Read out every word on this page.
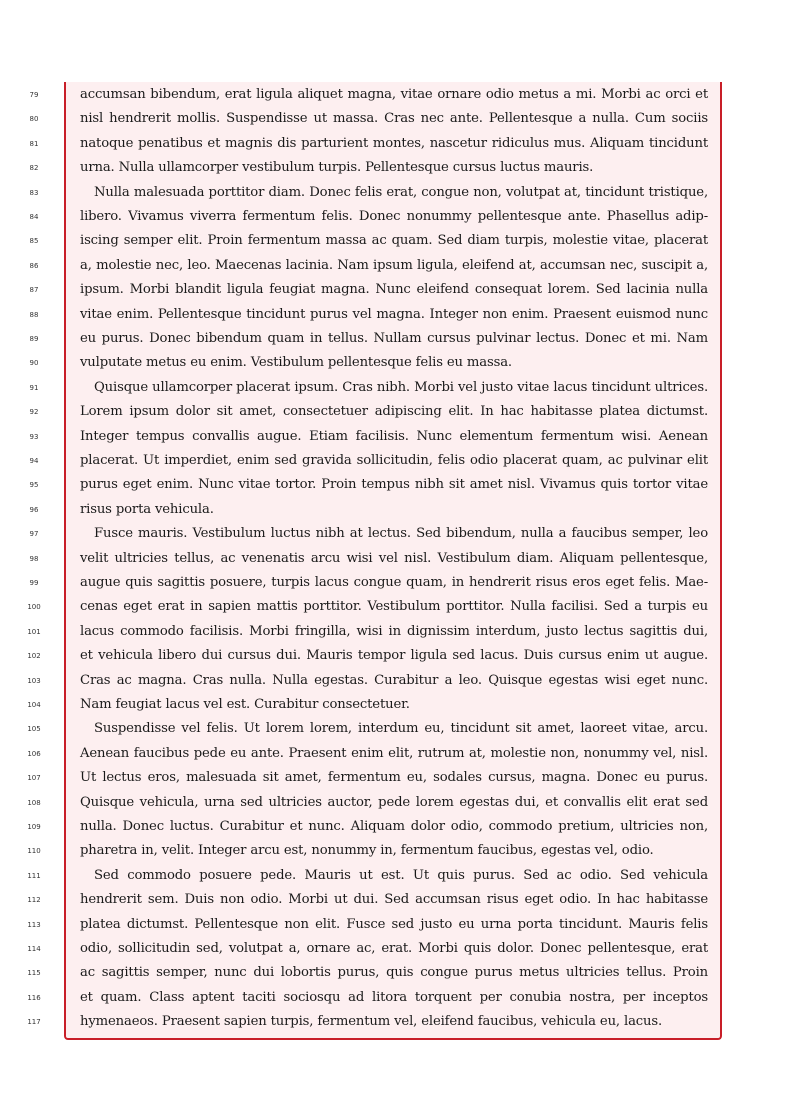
79	accumsan bibendum, erat ligula aliquet magna, vitae ornare odio metus a mi. Morbi ac orci et
80	nisl hendrerit mollis. Suspendisse ut massa. Cras nec ante. Pellentesque a nulla. Cum sociis
81	natoque penatibus et magnis dis parturient montes, nascetur ridiculus mus. Aliquam tincidunt
82	urna. Nulla ullamcorper vestibulum turpis. Pellentesque cursus luctus mauris.
83	Nulla malesuada porttitor diam. Donec felis erat, congue non, volutpat at, tincidunt tristique,
84	libero. Vivamus viverra fermentum felis. Donec nonummy pellentesque ante. Phasellus adip-
85	iscing semper elit. Proin fermentum massa ac quam. Sed diam turpis, molestie vitae, placerat
86	a, molestie nec, leo. Maecenas lacinia. Nam ipsum ligula, eleifend at, accumsan nec, suscipit a,
87	ipsum. Morbi blandit ligula feugiat magna. Nunc eleifend consequat lorem. Sed lacinia nulla
88	vitae enim. Pellentesque tincidunt purus vel magna. Integer non enim. Praesent euismod nunc
89	eu purus. Donec bibendum quam in tellus. Nullam cursus pulvinar lectus. Donec et mi. Nam
90	vulputate metus eu enim. Vestibulum pellentesque felis eu massa.
91	Quisque ullamcorper placerat ipsum. Cras nibh. Morbi vel justo vitae lacus tincidunt ultrices.
92	Lorem ipsum dolor sit amet, consectetuer adipiscing elit. In hac habitasse platea dictumst.
93	Integer tempus convallis augue. Etiam facilisis. Nunc elementum fermentum wisi. Aenean
94	placerat. Ut imperdiet, enim sed gravida sollicitudin, felis odio placerat quam, ac pulvinar elit
95	purus eget enim. Nunc vitae tortor. Proin tempus nibh sit amet nisl. Vivamus quis tortor vitae
96	risus porta vehicula.
97	Fusce mauris. Vestibulum luctus nibh at lectus. Sed bibendum, nulla a faucibus semper, leo
98	velit ultricies tellus, ac venenatis arcu wisi vel nisl. Vestibulum diam. Aliquam pellentesque,
99	augue quis sagittis posuere, turpis lacus congue quam, in hendrerit risus eros eget felis. Mae-
100	cenas eget erat in sapien mattis porttitor. Vestibulum porttitor. Nulla facilisi. Sed a turpis eu
101	lacus commodo facilisis. Morbi fringilla, wisi in dignissim interdum, justo lectus sagittis dui,
102	et vehicula libero dui cursus dui. Mauris tempor ligula sed lacus. Duis cursus enim ut augue.
103	Cras ac magna. Cras nulla. Nulla egestas. Curabitur a leo. Quisque egestas wisi eget nunc.
104	Nam feugiat lacus vel est. Curabitur consectetuer.
105	Suspendisse vel felis. Ut lorem lorem, interdum eu, tincidunt sit amet, laoreet vitae, arcu.
106	Aenean faucibus pede eu ante. Praesent enim elit, rutrum at, molestie non, nonummy vel, nisl.
107	Ut lectus eros, malesuada sit amet, fermentum eu, sodales cursus, magna. Donec eu purus.
108	Quisque vehicula, urna sed ultricies auctor, pede lorem egestas dui, et convallis elit erat sed
109	nulla. Donec luctus. Curabitur et nunc. Aliquam dolor odio, commodo pretium, ultricies non,
110	pharetra in, velit. Integer arcu est, nonummy in, fermentum faucibus, egestas vel, odio.
111	Sed commodo posuere pede. Mauris ut est. Ut quis purus. Sed ac odio. Sed vehicula
112	hendrerit sem. Duis non odio. Morbi ut dui. Sed accumsan risus eget odio. In hac habitasse
113	platea dictumst. Pellentesque non elit. Fusce sed justo eu urna porta tincidunt. Mauris felis
114	odio, sollicitudin sed, volutpat a, ornare ac, erat. Morbi quis dolor. Donec pellentesque, erat
115	ac sagittis semper, nunc dui lobortis purus, quis congue purus metus ultricies tellus. Proin
116	et quam. Class aptent taciti sociosqu ad litora torquent per conubia nostra, per inceptos
117	hymenaeos. Praesent sapien turpis, fermentum vel, eleifend faucibus, vehicula eu, lacus.
